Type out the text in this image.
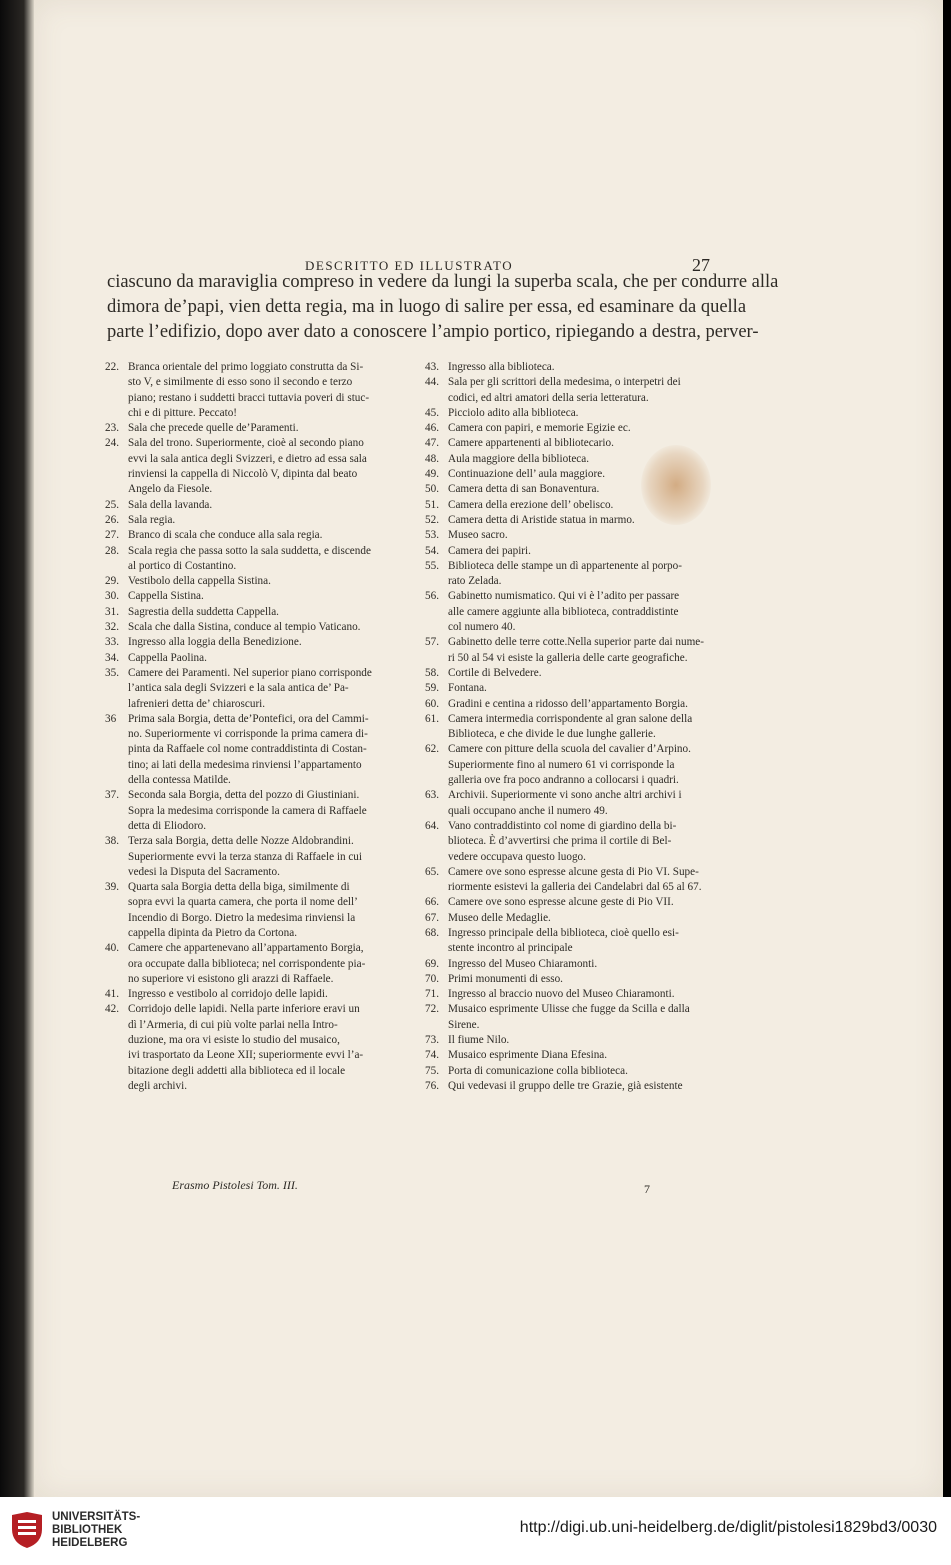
DESCRITTO ED ILLUSTRATO	27
ciascuno da maraviglia compreso in vedere da lungi la superba scala, che per condurre alla
dimora de’papi, vien detta regia, ma in luogo di salire per essa, ed esaminare da quella
parte l’edifizio, dopo aver dato a conoscere l’ampio portico, ripiegando a destra, perver-
22. Branca orientale del primo loggiato construtta da Si-
sto V, e similmente di esso sono il secondo e terzo
piano; restano i suddetti bracci tuttavia poveri di stuc-
chi e di pitture. Peccato!
23. Sala che precede quelle de’Paramenti.
24. Sala del trono. Superiormente, cioè al secondo piano
evvi la sala antica degli Svizzeri, e dietro ad essa sala
rinviensi la cappella di Niccolò V, dipinta dal beato
Angelo da Fiesole.
25. Sala della lavanda.
26. Sala regia.
27. Branco di scala che conduce alla sala regia.
28. Scala regia che passa sotto la sala suddetta, e discende
al portico di Costantino.
29. Vestibolo della cappella Sistina.
30. Cappella Sistina.
31. Sagrestia della suddetta Cappella.
32. Scala che dalla Sistina, conduce al tempio Vaticano.
33. Ingresso alla loggia della Benedizione.
34. Cappella Paolina.
35. Camere dei Paramenti. Nel superior piano corrisponde
l’antica sala degli Svizzeri e la sala antica de’ Pa-
lafrenieri detta de’ chiaroscuri.
36 Prima sala Borgia, detta de’Pontefici, ora del Cammi-
no. Superiormente vi corrisponde la prima camera di-
pinta da Raffaele col nome contraddistinta di Costan-
tino; ai lati della medesima rinviensi l’appartamento
della contessa Matilde.
37. Seconda sala Borgia, detta del pozzo di Giustiniani.
Sopra la medesima corrisponde la camera di Raffaele
detta di Eliodoro.
38. Terza sala Borgia, detta delle Nozze Aldobrandini.
Superiormente evvi la terza stanza di Raffaele in cui
vedesi la Disputa del Sacramento.
39. Quarta sala Borgia detta della biga, similmente di
sopra evvi la quarta camera, che porta il nome dell’
Incendio di Borgo. Dietro la medesima rinviensi la
cappella dipinta da Pietro da Cortona.
40. Camere che appartenevano all’appartamento Borgia,
ora occupate dalla biblioteca; nel corrispondente pia-
no superiore vi esistono gli arazzi di Raffaele.
41. Ingresso e vestibolo al corridojo delle lapidi.
42. Corridojo delle lapidi. Nella parte inferiore eravi un
dì l’Armeria, di cui più volte parlai nella Intro-
duzione, ma ora vi esiste lo studio del musaico,
ivi trasportato da Leone XII; superiormente evvi l’a-
bitazione degli addetti alla biblioteca ed il locale
degli archivi.
43. Ingresso alla biblioteca.
44. Sala per gli scrittori della medesima, o interpetri dei
codici, ed altri amatori della seria letteratura.
45. Picciolo adito alla biblioteca.
46. Camera con papiri, e memorie Egizie ec.
47. Camere appartenenti al bibliotecario.
48. Aula maggiore della biblioteca.
49. Continuazione dell’ aula maggiore.
50. Camera detta di san Bonaventura.
51. Camera della erezione dell’ obelisco.
52. Camera detta di Aristide statua in marmo.
53. Museo sacro.
54. Camera dei papiri.
55. Biblioteca delle stampe un dì appartenente al porpo-
rato Zelada.
56. Gabinetto numismatico. Qui vi è l’adito per passare
alle camere aggiunte alla biblioteca, contraddistinte
col numero 40.
57. Gabinetto delle terre cotte.Nella superior parte dai nume-
ri 50 al 54 vi esiste la galleria delle carte geografiche.
58. Cortile di Belvedere.
59. Fontana.
60. Gradini e centina a ridosso dell’appartamento Borgia.
61. Camera intermedia corrispondente al gran salone della
Biblioteca, e che divide le due lunghe gallerie.
62. Camere con pitture della scuola del cavalier d’Arpino.
Superiormente fino al numero 61 vi corrisponde la
galleria ove fra poco andranno a collocarsi i quadri.
63. Archivii. Superiormente vi sono anche altri archivi i
quali occupano anche il numero 49.
64. Vano contraddistinto col nome di giardino della bi-
blioteca. È d’avvertirsi che prima il cortile di Bel-
vedere occupava questo luogo.
65. Camere ove sono espresse alcune gesta di Pio VI. Supe-
riormente esistevi la galleria dei Candelabri dal 65 al 67.
66. Camere ove sono espresse alcune geste di Pio VII.
67. Museo delle Medaglie.
68. Ingresso principale della biblioteca, cioè quello esi-
stente incontro al principale
69. Ingresso del Museo Chiaramonti.
70. Primi monumenti di esso.
71. Ingresso al braccio nuovo del Museo Chiaramonti.
72. Musaico esprimente Ulisse che fugge da Scilla e dalla
Sirene.
73. Il fiume Nilo.
74. Musaico esprimente Diana Efesina.
75. Porta di comunicazione colla biblioteca.
76. Qui vedevasi il gruppo delle tre Grazie, già esistente
Erasmo Pistolesi Tom. III.	7
UNIVERSITÄTS-
BIBLIOTHEK
HEIDELBERG
http://digi.ub.uni-heidelberg.de/diglit/pistolesi1829bd3/0030
